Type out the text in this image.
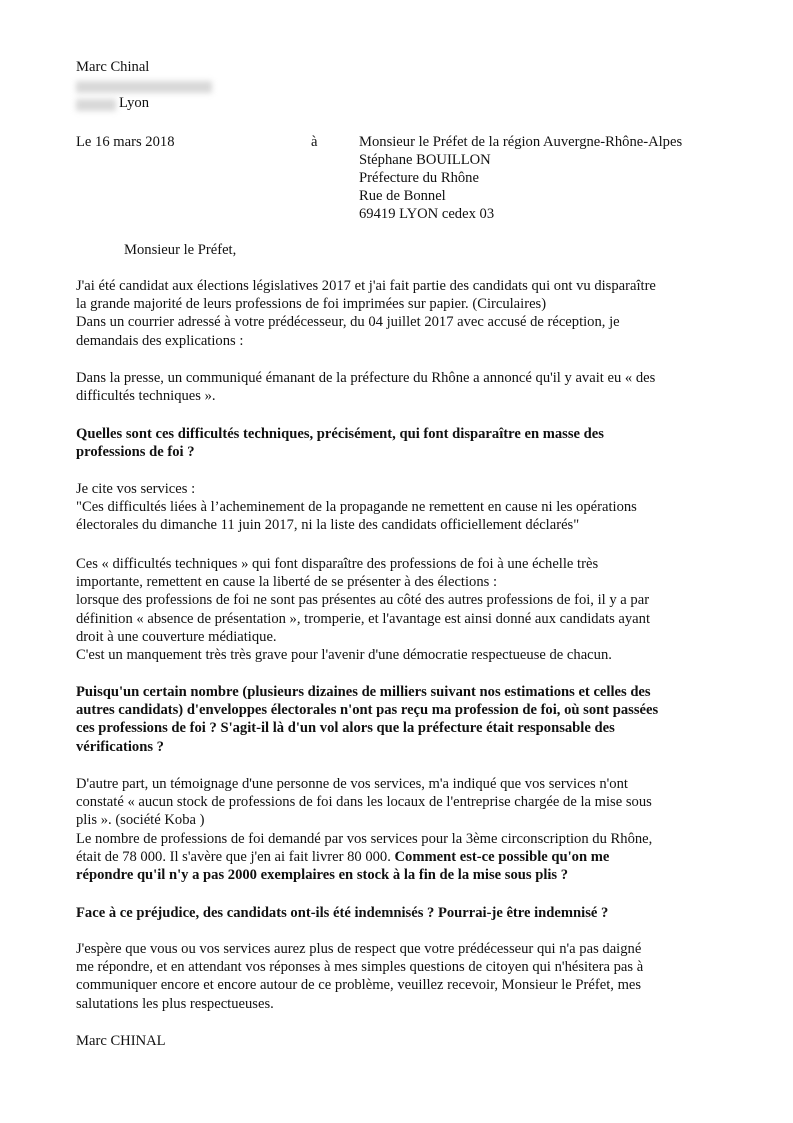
Marc Chinal
Lyon
Le 16 mars 2018	à	Monsieur le Préfet de la région Auvergne-Rhône-Alpes
Stéphane BOUILLON
Préfecture du Rhône
Rue de Bonnel
69419 LYON cedex 03
Monsieur le Préfet,
J'ai été candidat aux élections législatives 2017 et j'ai fait partie des candidats qui ont vu disparaître
la grande majorité de leurs professions de foi imprimées sur papier. (Circulaires)
Dans un courrier adressé à votre prédécesseur, du 04 juillet 2017 avec accusé de réception, je
demandais des explications :
Dans la presse, un communiqué émanant de la préfecture du Rhône a annoncé qu'il y avait eu « des
difficultés techniques ».
Quelles sont ces difficultés techniques, précisément, qui font disparaître en masse des
professions de foi ?
Je cite vos services :
"Ces difficultés liées à l’acheminement de la propagande ne remettent en cause ni les opérations
électorales du dimanche 11 juin 2017, ni la liste des candidats officiellement déclarés"
Ces « difficultés techniques » qui font disparaître des professions de foi à une échelle très
importante, remettent en cause la liberté de se présenter à des élections :
lorsque des professions de foi ne sont pas présentes au côté des autres professions de foi, il y a par
définition « absence de présentation », tromperie, et l'avantage est ainsi donné aux candidats ayant
droit à une couverture médiatique.
C'est un manquement très très grave pour l'avenir d'une démocratie respectueuse de chacun.
Puisqu'un certain nombre (plusieurs dizaines de milliers suivant nos estimations et celles des
autres candidats) d'enveloppes électorales n'ont pas reçu ma profession de foi, où sont passées
ces professions de foi ? S'agit-il là d'un vol alors que la préfecture était responsable des
vérifications ?
D'autre part, un témoignage d'une personne de vos services, m'a indiqué que vos services n'ont
constaté « aucun stock de professions de foi dans les locaux de l'entreprise chargée de la mise sous
plis ». (société Koba )
Le nombre de professions de foi demandé par vos services pour la 3ème circonscription du Rhône,
était de 78 000. Il s'avère que j'en ai fait livrer 80 000. Comment est-ce possible qu'on me
répondre qu'il n'y a pas 2000 exemplaires en stock à la fin de la mise sous plis ?
Face à ce préjudice, des candidats ont-ils été indemnisés ? Pourrai-je être indemnisé ?
J'espère que vous ou vos services aurez plus de respect que votre prédécesseur qui n'a pas daigné
me répondre, et en attendant vos réponses à mes simples questions de citoyen qui n'hésitera pas à
communiquer encore et encore autour de ce problème, veuillez recevoir, Monsieur le Préfet, mes
salutations les plus respectueuses.
Marc CHINAL
